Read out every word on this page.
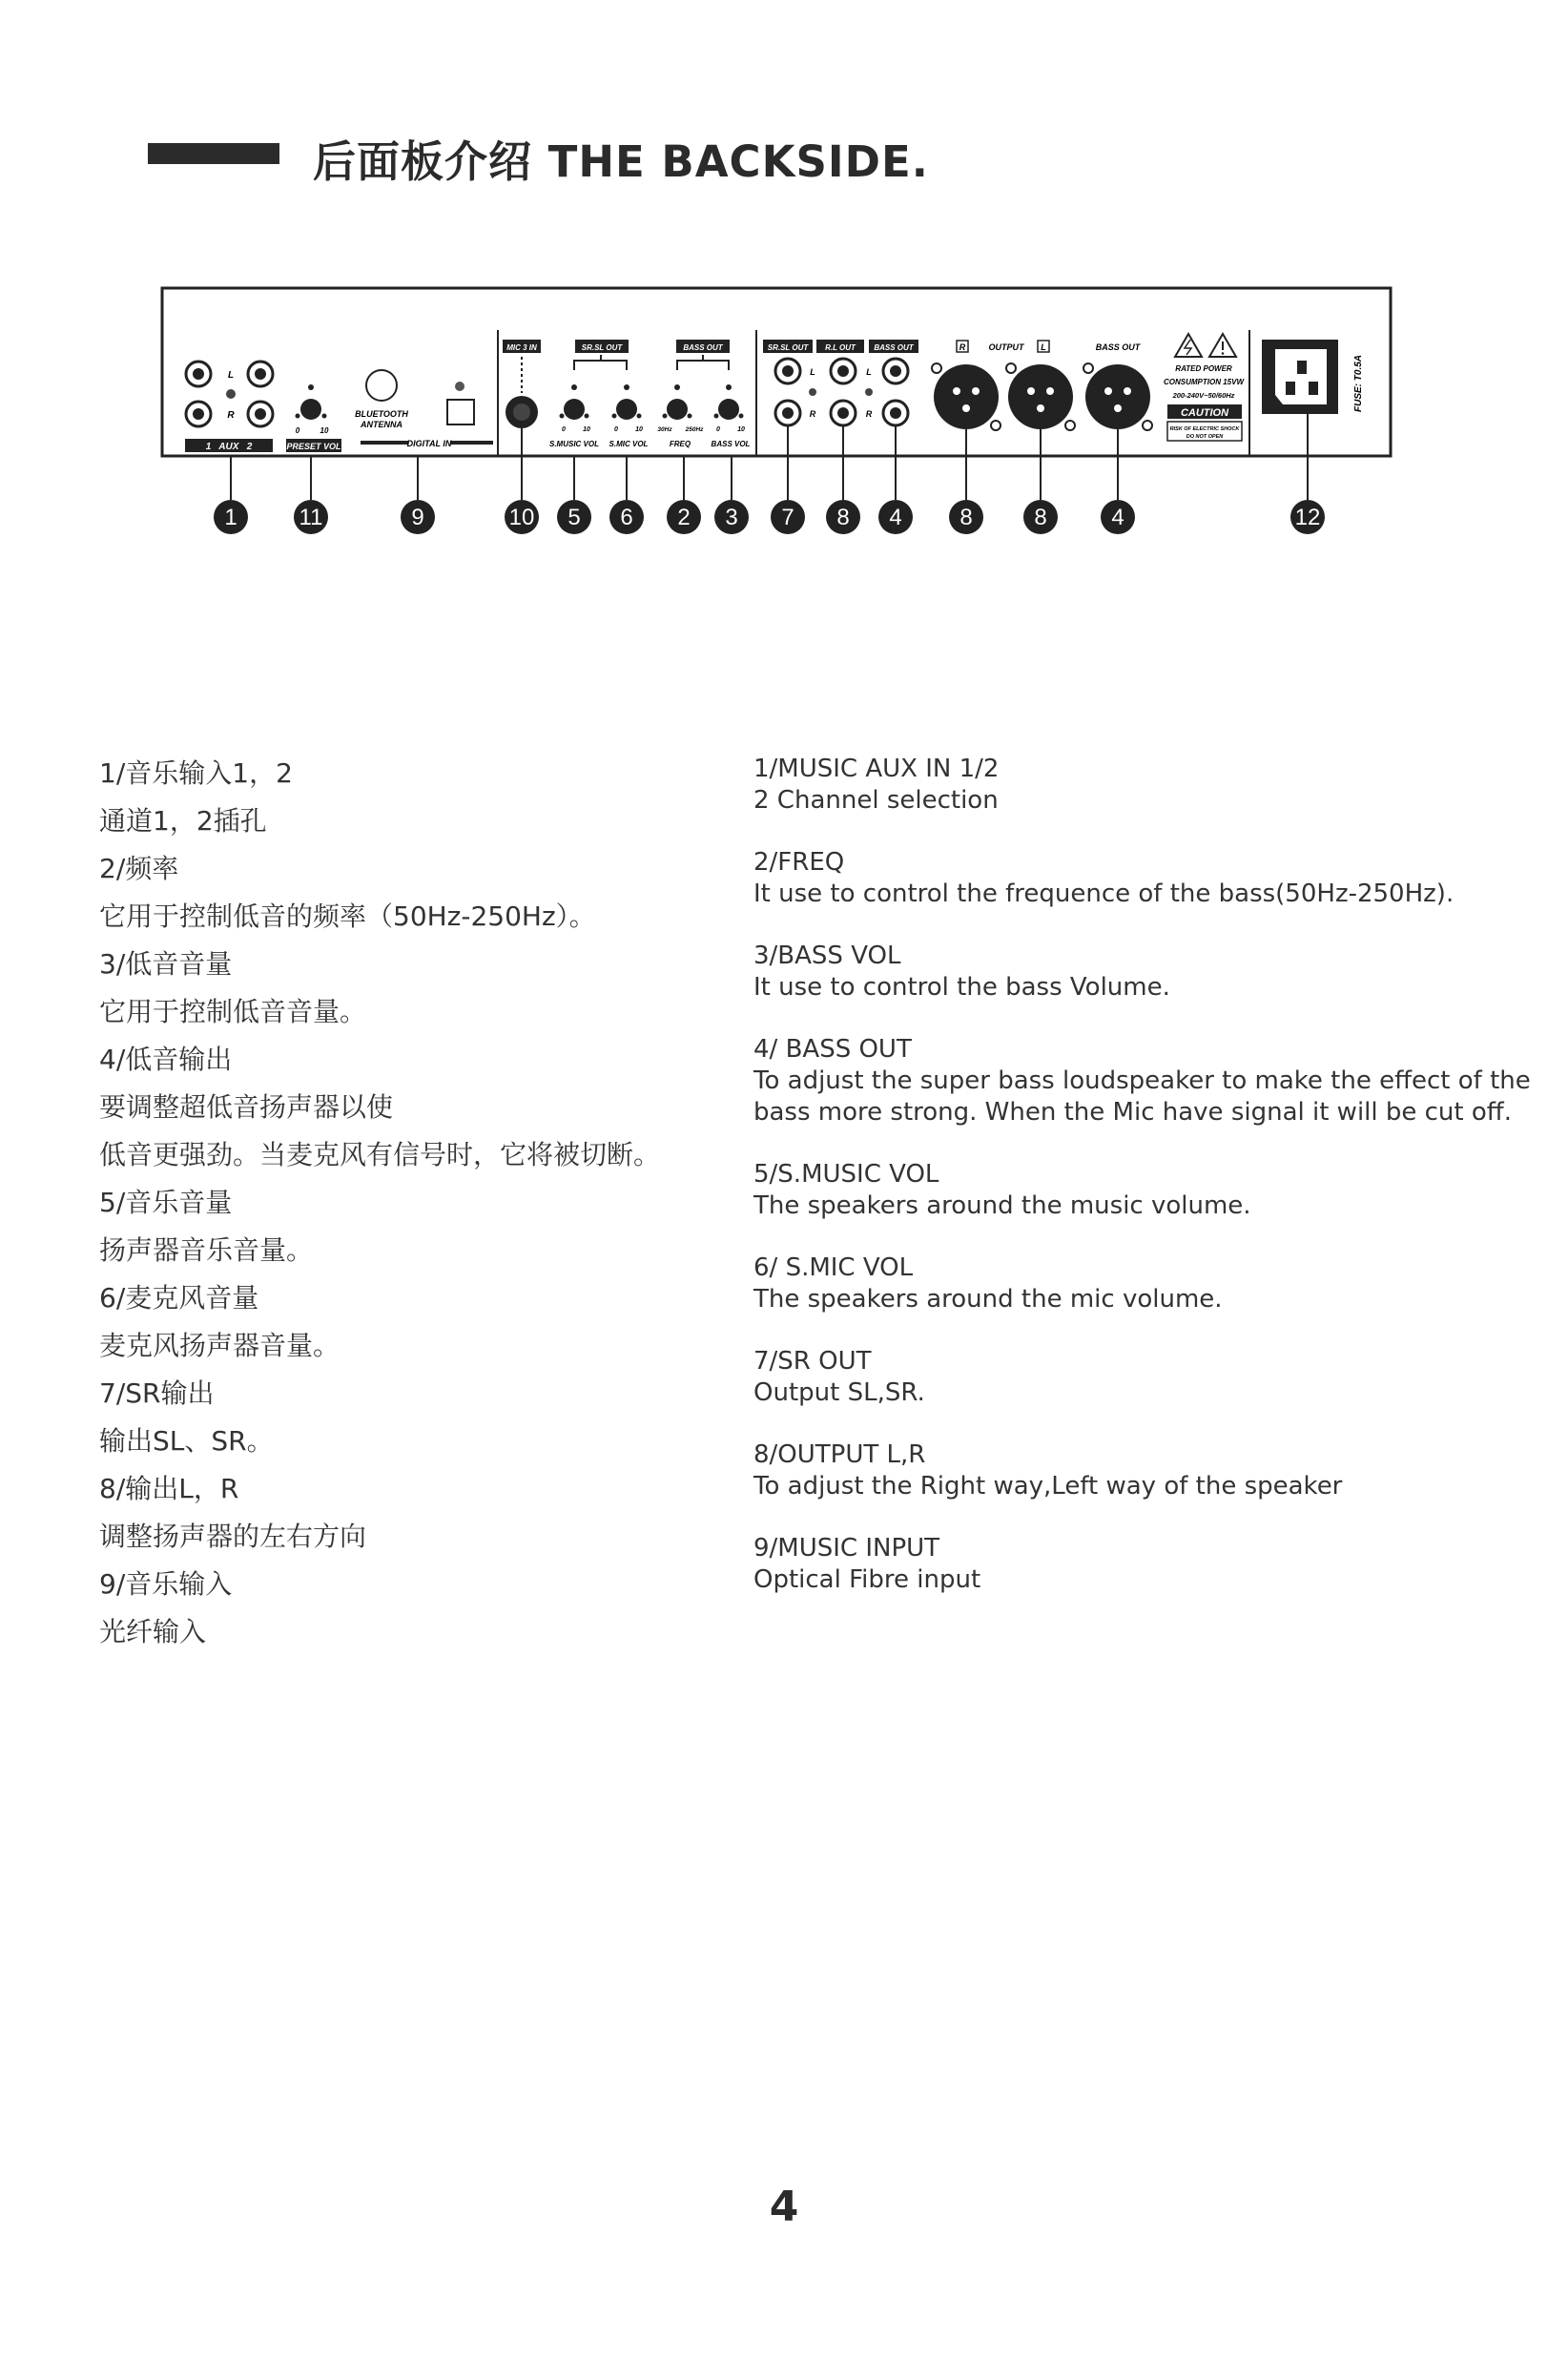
后面板介绍 THE BACKSIDE.
L
R
1   AUX   2
0	10
PRESET VOL
BLUETOOTH
ANTENNA
DIGITAL IN
MIC 3 IN	SR.SL OUT
0	10	0	10
S.MUSIC VOL S.MIC VOL
BASS OUT
30Hz 250Hz 0	10
FREQ	BASS VOL
SR.SL OUT R.L OUT BASS OUT
L
R
L
R
R	OUTPUT L	BASS OUT
RATED POWER
CONSUMPTION 15VW
200-240V~50/60Hz
CAUTION
RISK OF ELECTRIC SHOCK
DO NOT OPEN
FUSE: T0.5A
1	11	9	10 5 6 2 3 7 8 4	8	8	4	12
1/音乐输入1，2
通道1，2插孔
2/频率
它用于控制低音的频率（50Hz-250Hz）。
3/低音音量
它用于控制低音音量。
4/低音输出
要调整超低音扬声器以使
低音更强劲。当麦克风有信号时，它将被切断。
5/音乐音量
扬声器音乐音量。
6/麦克风音量
麦克风扬声器音量。
7/SR输出
输出SL、SR。
8/输出L，R
调整扬声器的左右方向
9/音乐输入
光纤输入
1/MUSIC AUX IN 1/2
2 Channel selection
2/FREQ
It use to control the frequence of the bass(50Hz-250Hz).
3/BASS VOL
It use to control the bass Volume.
4/ BASS OUT
To adjust the super bass loudspeaker to make the effect of the bass more strong. When the Mic have signal it will be cut off.
5/S.MUSIC VOL
The speakers around the music volume.
6/ S.MIC VOL
The speakers around the mic volume.
7/SR OUT
Output SL,SR.
8/OUTPUT L,R
To adjust the Right way,Left way of the speaker
9/MUSIC INPUT
Optical Fibre input
4
